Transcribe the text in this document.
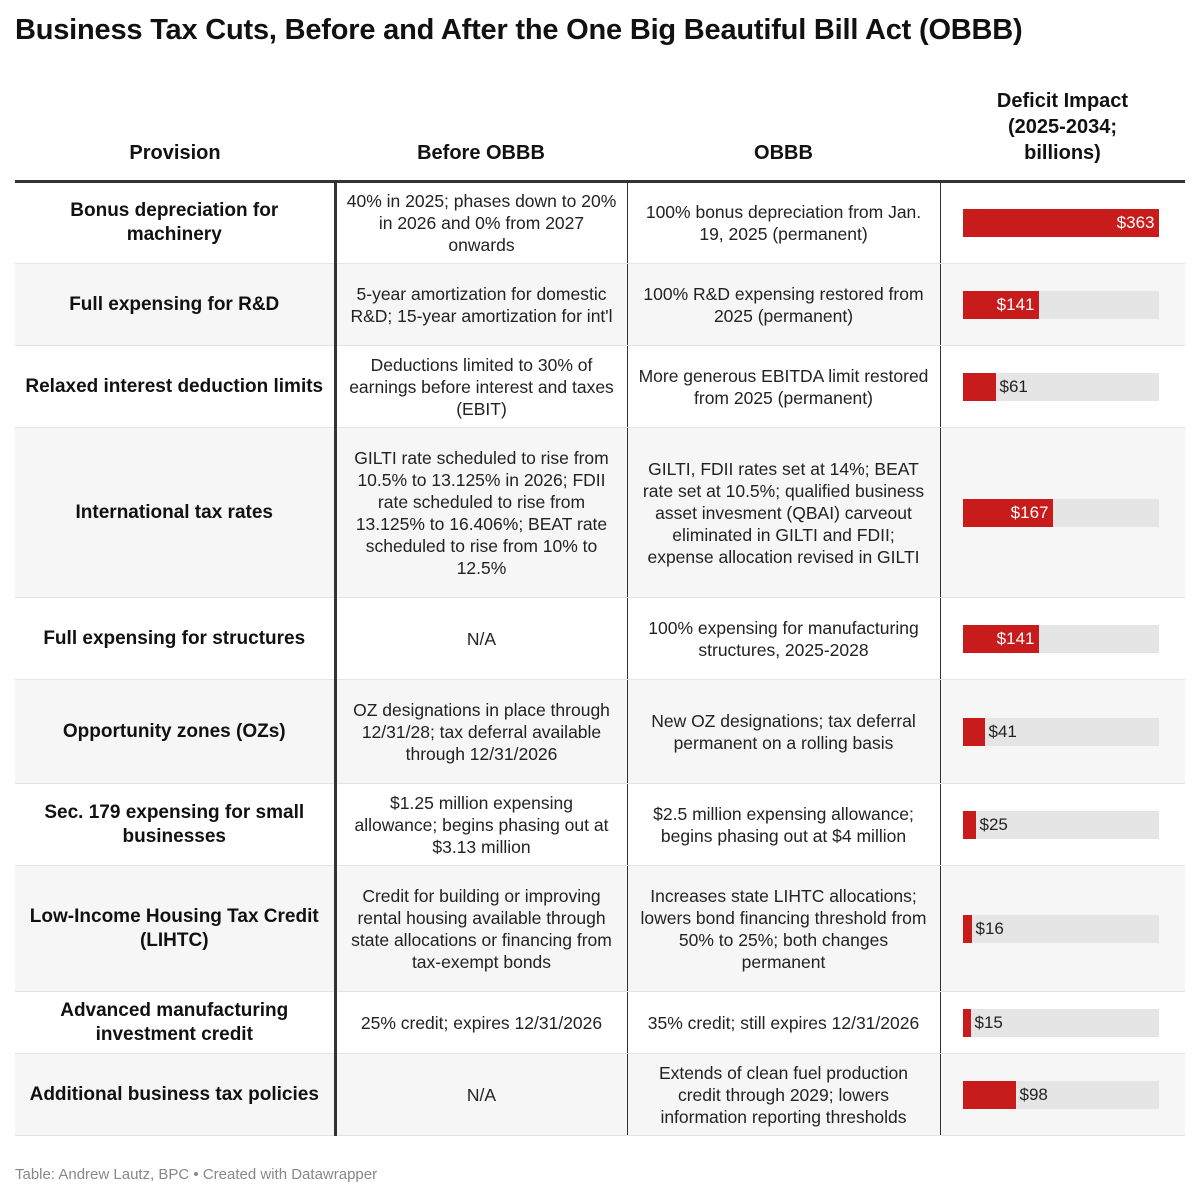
Business Tax Cuts, Before and After the One Big Beautiful Bill Act (OBBB)
Provision	Before OBBB	OBBB	Deficit Impact
(2025-2034;
billions)
Bonus depreciation for machinery	40% in 2025; phases down to 20% in 2026 and 0% from 2027 onwards	100% bonus depreciation from Jan. 19, 2025 (permanent)	$363

Full expensing for R&D	5-year amortization for domestic R&D; 15-year amortization for int'l	100% R&D expensing restored from 2025 (permanent)	$141

Relaxed interest deduction limits	Deductions limited to 30% of earnings before interest and taxes (EBIT)	More generous EBITDA limit restored from 2025 (permanent)	$61

International tax rates	GILTI rate scheduled to rise from 10.5% to 13.125% in 2026; FDII rate scheduled to rise from 13.125% to 16.406%; BEAT rate scheduled to rise from 10% to 12.5%	GILTI, FDII rates set at 14%; BEAT rate set at 10.5%; qualified business asset invesment (QBAI) carveout eliminated in GILTI and FDII; expense allocation revised in GILTI	$167

Full expensing for structures	N/A	100% expensing for manufacturing structures, 2025-2028	$141

Opportunity zones (OZs)	OZ designations in place through 12/31/28; tax deferral available through 12/31/2026	New OZ designations; tax deferral permanent on a rolling basis	$41

Sec. 179 expensing for small businesses	$1.25 million expensing allowance; begins phasing out at $3.13 million	$2.5 million expensing allowance; begins phasing out at $4 million	$25

Low-Income Housing Tax Credit (LIHTC)	Credit for building or improving rental housing available through state allocations or financing from tax-exempt bonds	Increases state LIHTC allocations; lowers bond financing threshold from 50% to 25%; both changes permanent	$16

Advanced manufacturing investment credit	25% credit; expires 12/31/2026	35% credit; still expires 12/31/2026	$15

Additional business tax policies	N/A	Extends of clean fuel production credit through 2029; lowers information reporting thresholds	$98
Table: Andrew Lautz, BPC • Created with Datawrapper
